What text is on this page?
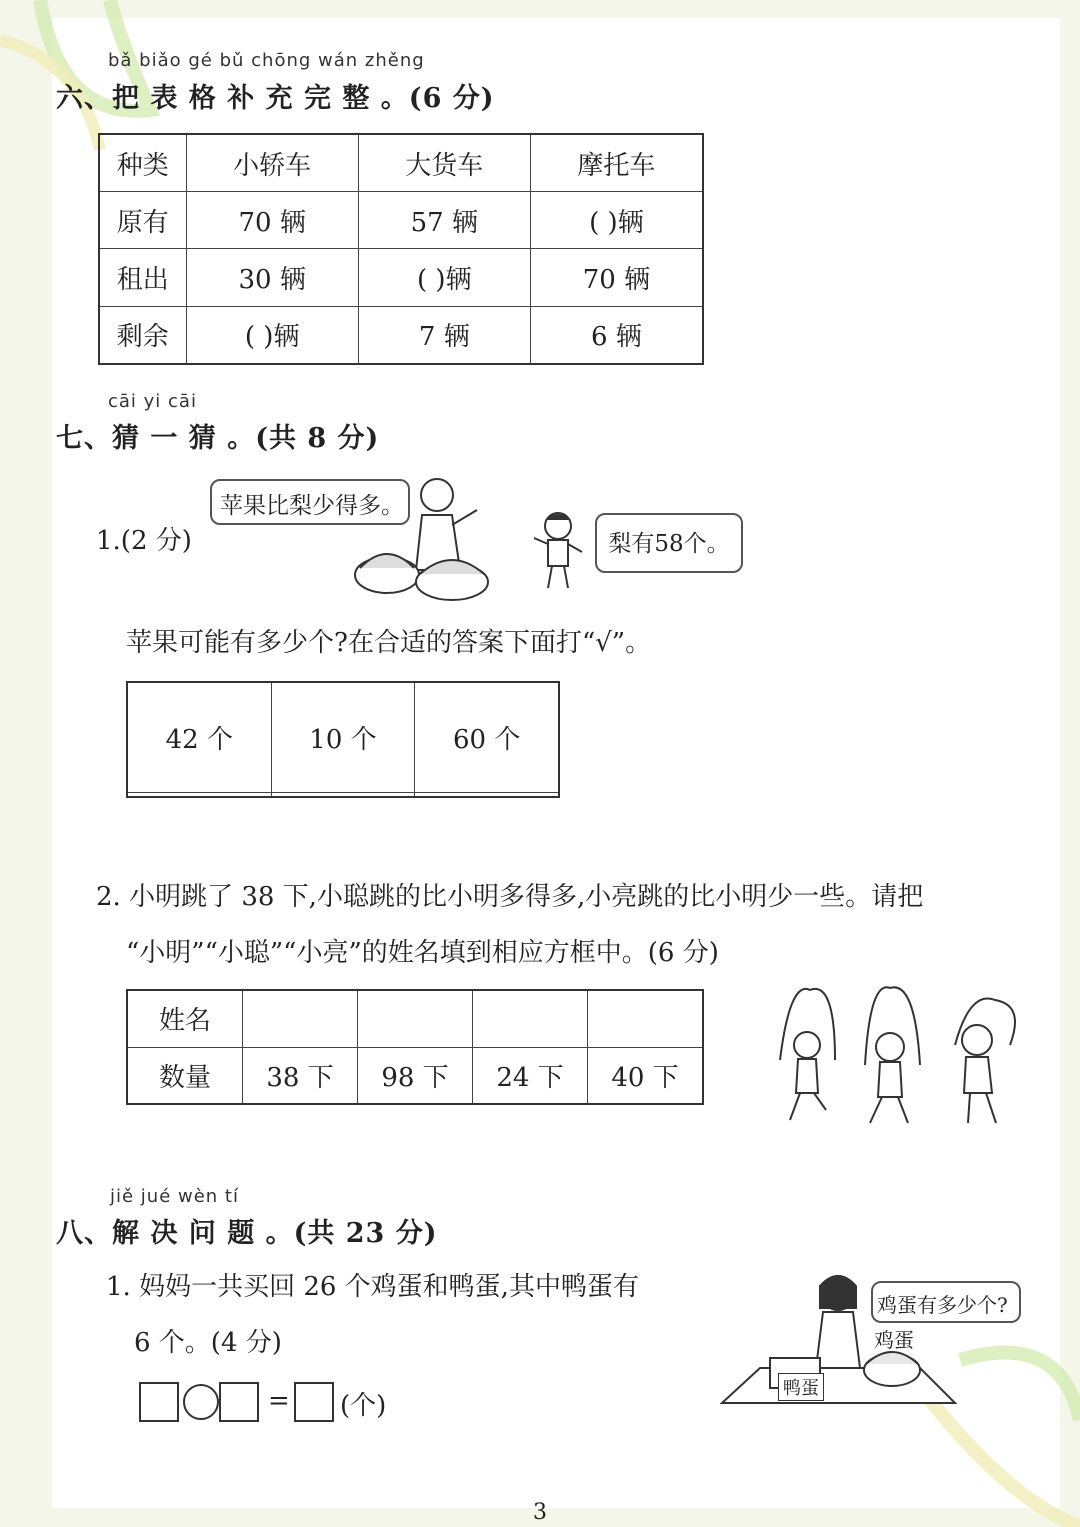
bǎ biǎo gé bǔ chōng wán zhěng
六、把 表 格 补 充 完 整 。(6 分)
种类	小轿车	大货车	摩托车
原有	70 辆	57 辆	( )辆
租出	30 辆	( )辆	70 辆
剩余	( )辆	7 辆	6 辆
cāi yi cāi
七、猜 一 猜 。(共 8 分)
1.(2 分)
苹果比梨少得多。
梨有58个。
苹果可能有多少个?在合适的答案下面打“√”。
42 个	10 个	60 个

2. 小明跳了 38 下,小聪跳的比小明多得多,小亮跳的比小明少一些。请把
“小明”“小聪”“小亮”的姓名填到相应方框中。(6 分)
姓名				
数量	38 下	98 下	24 下	40 下
jiě jué wèn tí
八、解 决 问 题 。(共 23 分)
1. 妈妈一共买回 26 个鸡蛋和鸭蛋,其中鸭蛋有
6 个。(4 分)
= (个)
鸡蛋有多少个?
鸡蛋
鸭蛋
3
